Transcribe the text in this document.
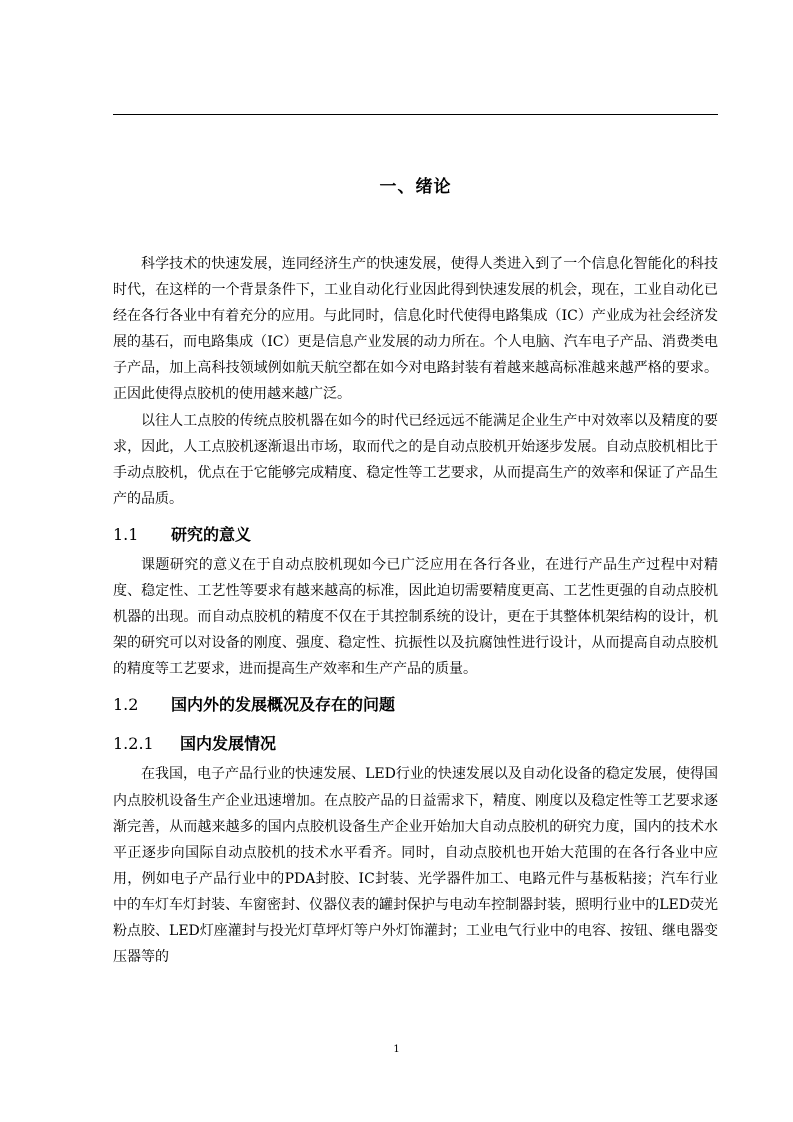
一、绪论

科学技术的快速发展，连同经济生产的快速发展，使得人类进入到了一个信息化智能化的科技时代，在这样的一个背景条件下，工业自动化行业因此得到快速发展的机会，现在，工业自动化已经在各行各业中有着充分的应用。与此同时，信息化时代使得电路集成（IC）产业成为社会经济发展的基石，而电路集成（IC）更是信息产业发展的动力所在。个人电脑、汽车电子产品、消费类电子产品，加上高科技领域例如航天航空都在如今对电路封装有着越来越高标准越来越严格的要求。正因此使得点胶机的使用越来越广泛。

以往人工点胶的传统点胶机器在如今的时代已经远远不能满足企业生产中对效率以及精度的要求，因此，人工点胶机逐渐退出市场，取而代之的是自动点胶机开始逐步发展。自动点胶机相比于手动点胶机，优点在于它能够完成精度、稳定性等工艺要求，从而提高生产的效率和保证了产品生产的品质。

1.1 研究的意义

课题研究的意义在于自动点胶机现如今已广泛应用在各行各业，在进行产品生产过程中对精度、稳定性、工艺性等要求有越来越高的标准，因此迫切需要精度更高、工艺性更强的自动点胶机机器的出现。而自动点胶机的精度不仅在于其控制系统的设计，更在于其整体机架结构的设计，机架的研究可以对设备的刚度、强度、稳定性、抗振性以及抗腐蚀性进行设计，从而提高自动点胶机的精度等工艺要求，进而提高生产效率和生产产品的质量。

1.2 国内外的发展概况及存在的问题
1.2.1 国内发展情况

在我国，电子产品行业的快速发展、LED行业的快速发展以及自动化设备的稳定发展，使得国内点胶机设备生产企业迅速增加。在点胶产品的日益需求下，精度、刚度以及稳定性等工艺要求逐渐完善，从而越来越多的国内点胶机设备生产企业开始加大自动点胶机的研究力度，国内的技术水平正逐步向国际自动点胶机的技术水平看齐。同时，自动点胶机也开始大范围的在各行各业中应用，例如电子产品行业中的PDA封胶、IC封装、光学器件加工、电路元件与基板粘接；汽车行业中的车灯车灯封装、车窗密封、仪器仪表的罐封保护与电动车控制器封装，照明行业中的LED荧光粉点胶、LED灯座灌封与投光灯草坪灯等户外灯饰灌封；工业电气行业中的电容、按钮、继电器变压器等的

1
